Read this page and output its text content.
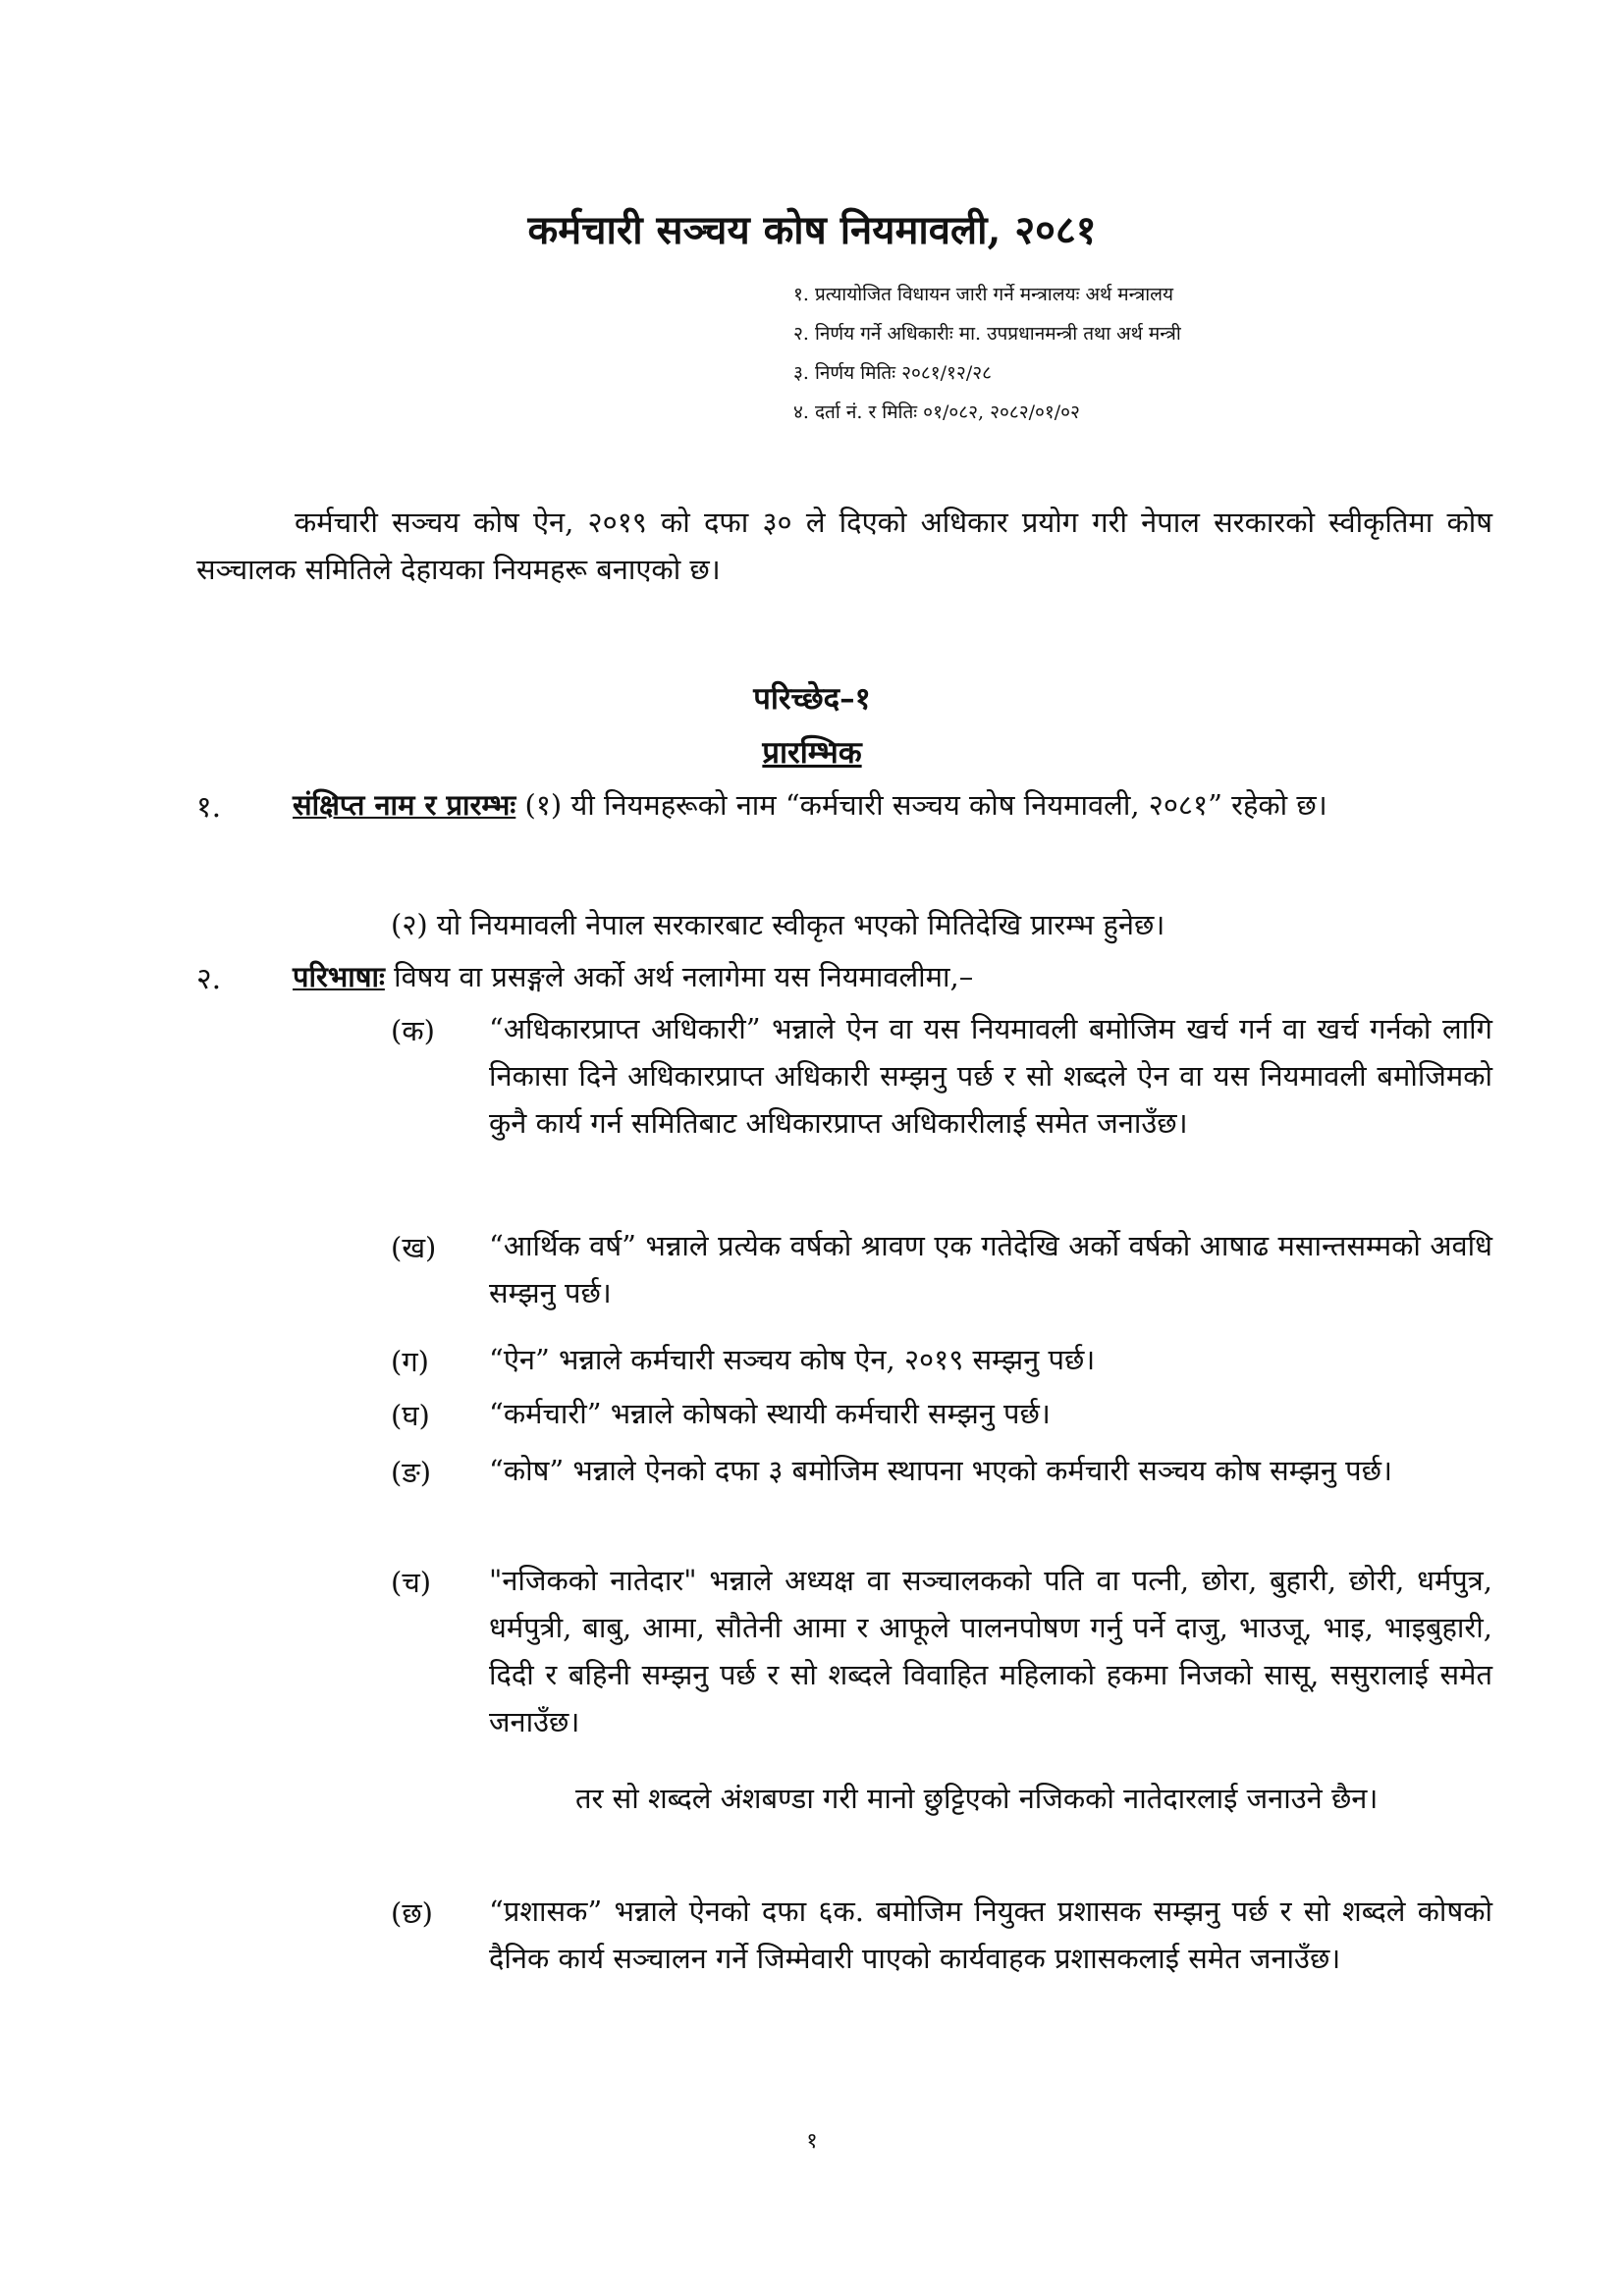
कर्मचारी सञ्चय कोष नियमावली, २०८१
१. प्रत्यायोजित विधायन जारी गर्ने मन्त्रालयः अर्थ मन्त्रालय
२. निर्णय गर्ने अधिकारीः मा. उपप्रधानमन्त्री तथा अर्थ मन्त्री
३. निर्णय मितिः २०८१/१२/२८
४. दर्ता नं. र मितिः ०१/०८२, २०८२/०१/०२
कर्मचारी सञ्चय कोष ऐन, २०१९ को दफा ३० ले दिएको अधिकार प्रयोग गरी नेपाल सरकारको स्वीकृतिमा कोष सञ्चालक समितिले देहायका नियमहरू बनाएको छ।
परिच्छेद–१
प्रारम्भिक
१.	संक्षिप्त नाम र प्रारम्भः (१) यी नियमहरूको नाम “कर्मचारी सञ्चय कोष नियमावली, २०८१” रहेको छ।
(२) यो नियमावली नेपाल सरकारबाट स्वीकृत भएको मितिदेखि प्रारम्भ हुनेछ।
२.	परिभाषाः विषय वा प्रसङ्गले अर्को अर्थ नलागेमा यस नियमावलीमा,–
(क) “अधिकारप्राप्त अधिकारी” भन्नाले ऐन वा यस नियमावली बमोजिम खर्च गर्न वा खर्च गर्नको लागि निकासा दिने अधिकारप्राप्त अधिकारी सम्झनु पर्छ र सो शब्दले ऐन वा यस नियमावली बमोजिमको कुनै कार्य गर्न समितिबाट अधिकारप्राप्त अधिकारीलाई समेत जनाउँछ।
(ख) “आर्थिक वर्ष” भन्नाले प्रत्येक वर्षको श्रावण एक गतेदेखि अर्को वर्षको आषाढ मसान्तसम्मको अवधि सम्झनु पर्छ।
(ग) “ऐन” भन्नाले कर्मचारी सञ्चय कोष ऐन, २०१९ सम्झनु पर्छ।
(घ) “कर्मचारी” भन्नाले कोषको स्थायी कर्मचारी सम्झनु पर्छ।
(ङ) “कोष” भन्नाले ऐनको दफा ३ बमोजिम स्थापना भएको कर्मचारी सञ्चय कोष सम्झनु पर्छ।
(च) "नजिकको नातेदार" भन्नाले अध्यक्ष वा सञ्चालकको पति वा पत्नी, छोरा, बुहारी, छोरी, धर्मपुत्र, धर्मपुत्री, बाबु, आमा, सौतेनी आमा र आफूले पालनपोषण गर्नु पर्ने दाजु, भाउजू, भाइ, भाइबुहारी, दिदी र बहिनी सम्झनु पर्छ र सो शब्दले विवाहित महिलाको हकमा निजको सासू, ससुरालाई समेत जनाउँछ।
तर सो शब्दले अंशबण्डा गरी मानो छुट्टिएको नजिकको नातेदारलाई जनाउने छैन।
(छ) “प्रशासक” भन्नाले ऐनको दफा ६क. बमोजिम नियुक्त प्रशासक सम्झनु पर्छ र सो शब्दले कोषको दैनिक कार्य सञ्चालन गर्ने जिम्मेवारी पाएको कार्यवाहक प्रशासकलाई समेत जनाउँछ।
१
